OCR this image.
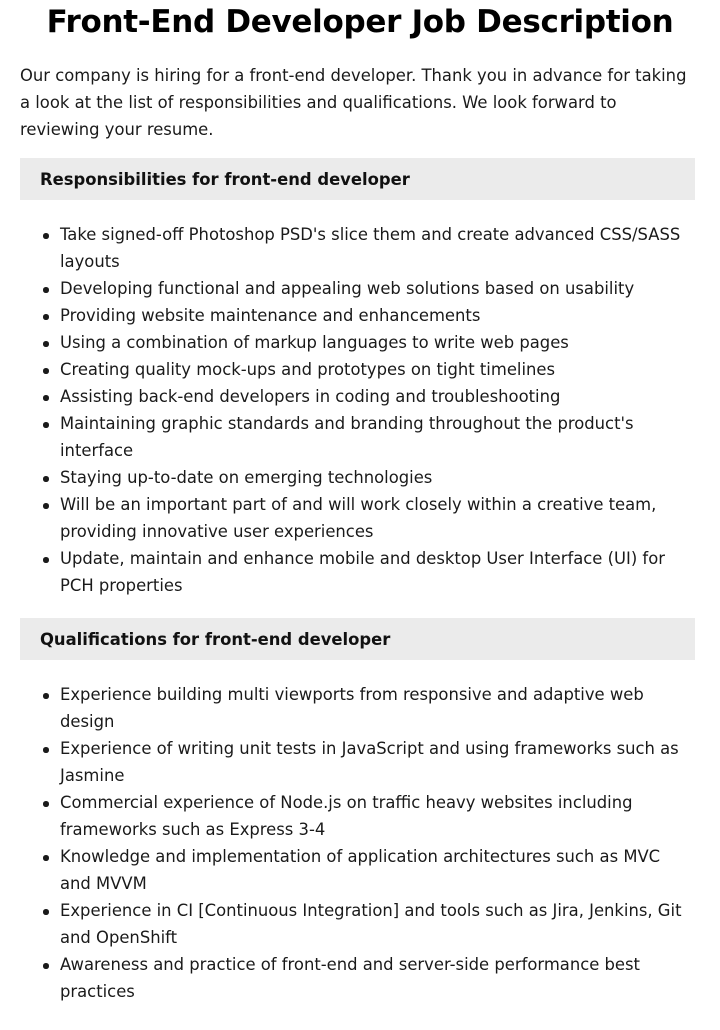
Front-End Developer Job Description

Our company is hiring for a front-end developer. Thank you in advance for taking a look at the list of responsibilities and qualifications. We look forward to reviewing your resume.

Responsibilities for front-end developer
Take signed-off Photoshop PSD's slice them and create advanced CSS/SASS layouts
Developing functional and appealing web solutions based on usability
Providing website maintenance and enhancements
Using a combination of markup languages to write web pages
Creating quality mock-ups and prototypes on tight timelines
Assisting back-end developers in coding and troubleshooting
Maintaining graphic standards and branding throughout the product's interface
Staying up-to-date on emerging technologies
Will be an important part of and will work closely within a creative team, providing innovative user experiences
Update, maintain and enhance mobile and desktop User Interface (UI) for PCH properties
Qualifications for front-end developer
Experience building multi viewports from responsive and adaptive web design
Experience of writing unit tests in JavaScript and using frameworks such as Jasmine
Commercial experience of Node.js on traffic heavy websites including frameworks such as Express 3-4
Knowledge and implementation of application architectures such as MVC and MVVM
Experience in CI [Continuous Integration] and tools such as Jira, Jenkins, Git and OpenShift
Awareness and practice of front-end and server-side performance best practices
